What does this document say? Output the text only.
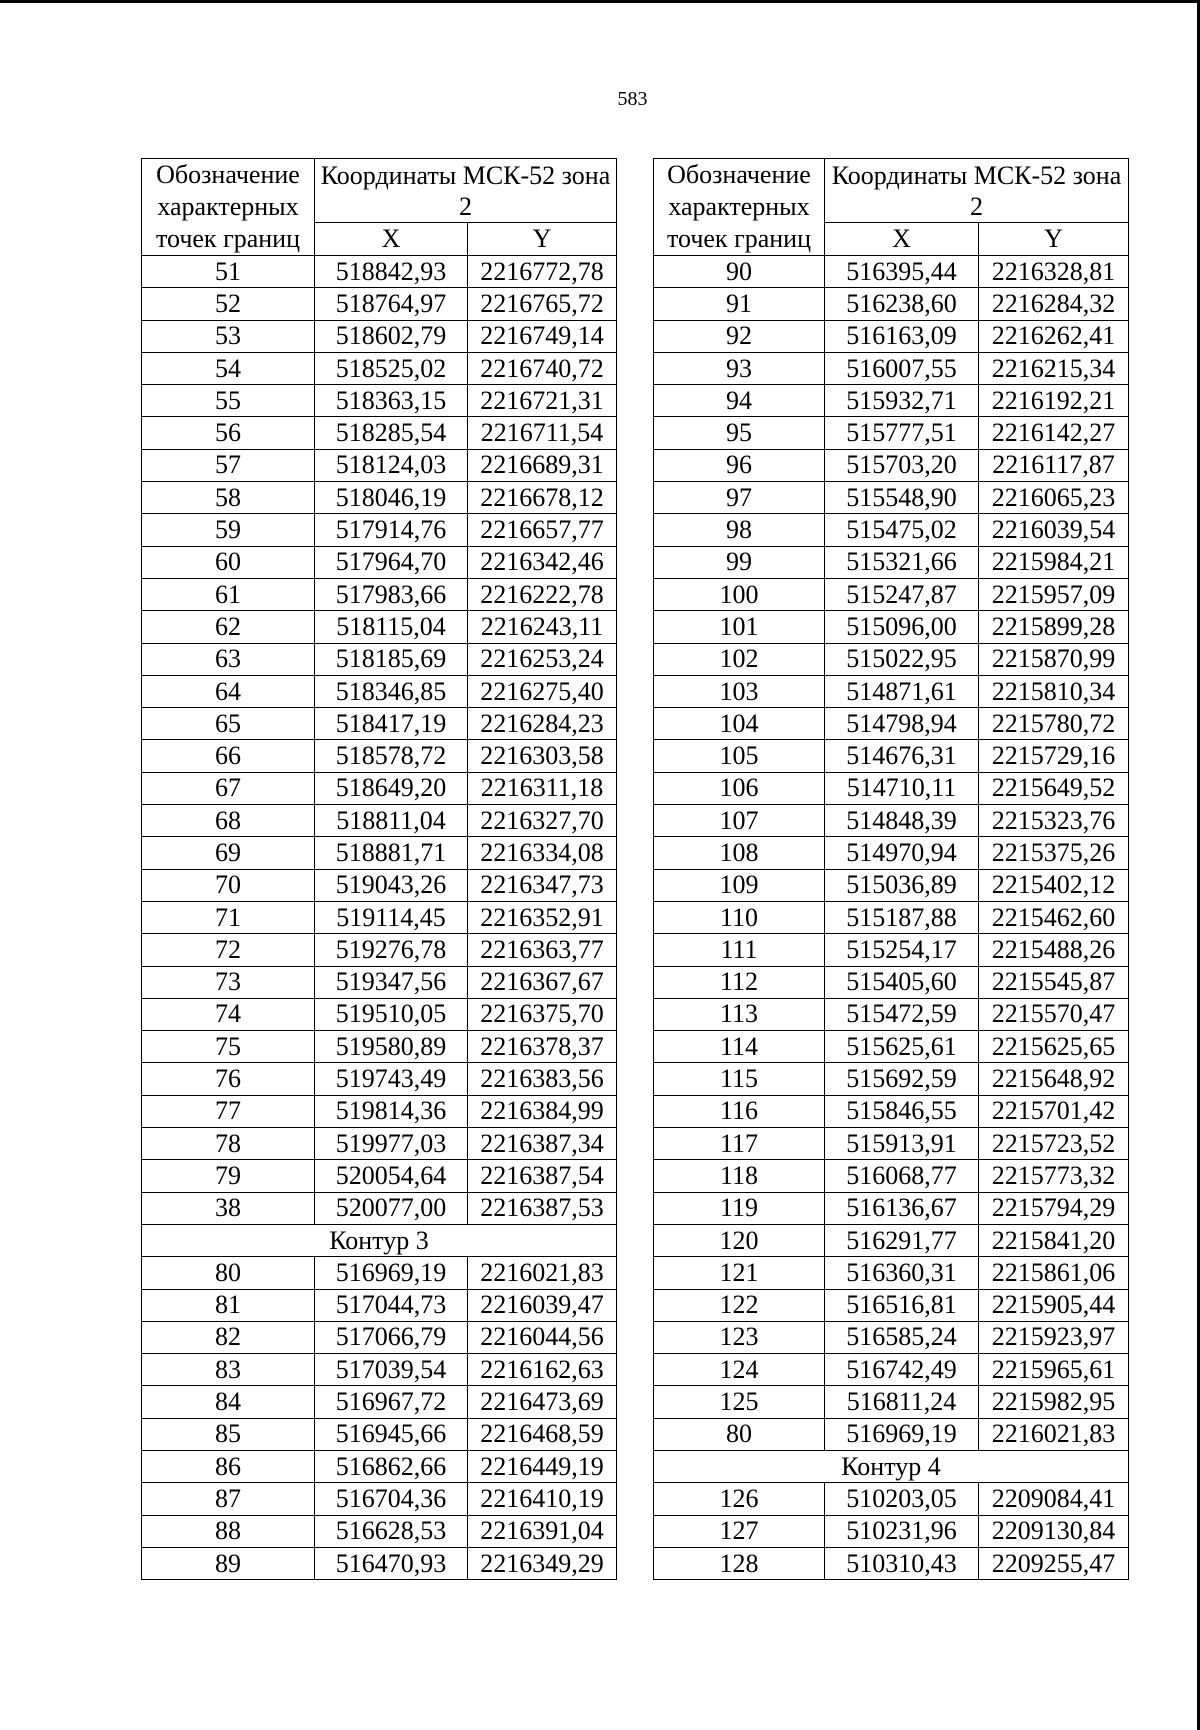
583
Обозначение характерных точек границ	Координаты МСК-52 зона 2	
	X	Y
51	518842,93	2216772,78
52	518764,97	2216765,72
53	518602,79	2216749,14
54	518525,02	2216740,72
55	518363,15	2216721,31
56	518285,54	2216711,54
57	518124,03	2216689,31
58	518046,19	2216678,12
59	517914,76	2216657,77
60	517964,70	2216342,46
61	517983,66	2216222,78
62	518115,04	2216243,11
63	518185,69	2216253,24
64	518346,85	2216275,40
65	518417,19	2216284,23
66	518578,72	2216303,58
67	518649,20	2216311,18
68	518811,04	2216327,70
69	518881,71	2216334,08
70	519043,26	2216347,73
71	519114,45	2216352,91
72	519276,78	2216363,77
73	519347,56	2216367,67
74	519510,05	2216375,70
75	519580,89	2216378,37
76	519743,49	2216383,56
77	519814,36	2216384,99
78	519977,03	2216387,34
79	520054,64	2216387,54
38	520077,00	2216387,53
Контур 3		
80	516969,19	2216021,83
81	517044,73	2216039,47
82	517066,79	2216044,56
83	517039,54	2216162,63
84	516967,72	2216473,69
85	516945,66	2216468,59
86	516862,66	2216449,19
87	516704,36	2216410,19
88	516628,53	2216391,04
89	516470,93	2216349,29
Обозначение характерных точек границ	Координаты МСК-52 зона 2	
	X	Y
90	516395,44	2216328,81
91	516238,60	2216284,32
92	516163,09	2216262,41
93	516007,55	2216215,34
94	515932,71	2216192,21
95	515777,51	2216142,27
96	515703,20	2216117,87
97	515548,90	2216065,23
98	515475,02	2216039,54
99	515321,66	2215984,21
100	515247,87	2215957,09
101	515096,00	2215899,28
102	515022,95	2215870,99
103	514871,61	2215810,34
104	514798,94	2215780,72
105	514676,31	2215729,16
106	514710,11	2215649,52
107	514848,39	2215323,76
108	514970,94	2215375,26
109	515036,89	2215402,12
110	515187,88	2215462,60
111	515254,17	2215488,26
112	515405,60	2215545,87
113	515472,59	2215570,47
114	515625,61	2215625,65
115	515692,59	2215648,92
116	515846,55	2215701,42
117	515913,91	2215723,52
118	516068,77	2215773,32
119	516136,67	2215794,29
120	516291,77	2215841,20
121	516360,31	2215861,06
122	516516,81	2215905,44
123	516585,24	2215923,97
124	516742,49	2215965,61
125	516811,24	2215982,95
80	516969,19	2216021,83
Контур 4		
126	510203,05	2209084,41
127	510231,96	2209130,84
128	510310,43	2209255,47
